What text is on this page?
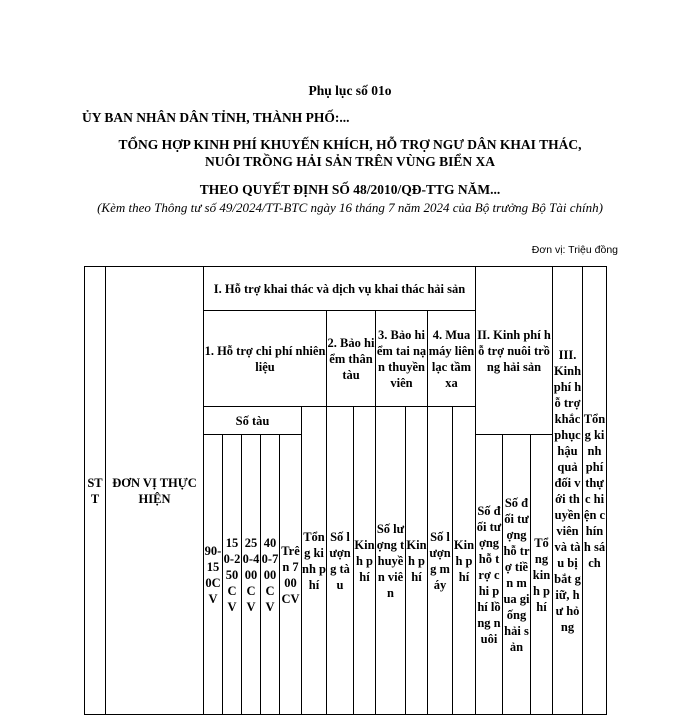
Phụ lục số 01o
ỦY BAN NHÂN DÂN TỈNH, THÀNH PHỐ:...
TỔNG HỢP KINH PHÍ KHUYẾN KHÍCH, HỖ TRỢ NGƯ DÂN KHAI THÁC,
NUÔI TRỒNG HẢI SẢN TRÊN VÙNG BIỂN XA
THEO QUYẾT ĐỊNH SỐ 48/2010/QĐ-TTG NĂM...
(Kèm theo Thông tư số 49/2024/TT-BTC ngày 16 tháng 7 năm 2024 của Bộ trưởng Bộ Tài chính)
Đơn vị: Triệu đồng
STT	ĐƠN VỊ THỰC HIỆN	I. Hỗ trợ khai thác và dịch vụ khai thác hải sản												II. Kinh phí hỗ trợ nuôi trồng hải sản			III. Kinh phí hỗ trợ khắc phục hậu quả đối với thuyền viên và tàu bị bắt giữ, hư hỏng	Tổng kinh phí thực hiện chính sách
		1. Hỗ trợ chi phí nhiên liệu						2. Bảo hiểm thân tàu		3. Bảo hiểm tai nạn thuyền viên		4. Mua máy liên lạc tầm xa						
		Số tàu					Tổng kinh phí	Số lượng tàu	Kinh phí	Số lượng thuyền viên	Kinh phí	Số lượng máy	Kinh phí					
		90-150CV	150-250CV	250-400CV	400-700CV	Trên 700CV								Số đối tượng hỗ trợ chi phí lồng nuôi	Số đối tượng hỗ trợ tiền mua giống hải sản	Tổng kinh phí		
